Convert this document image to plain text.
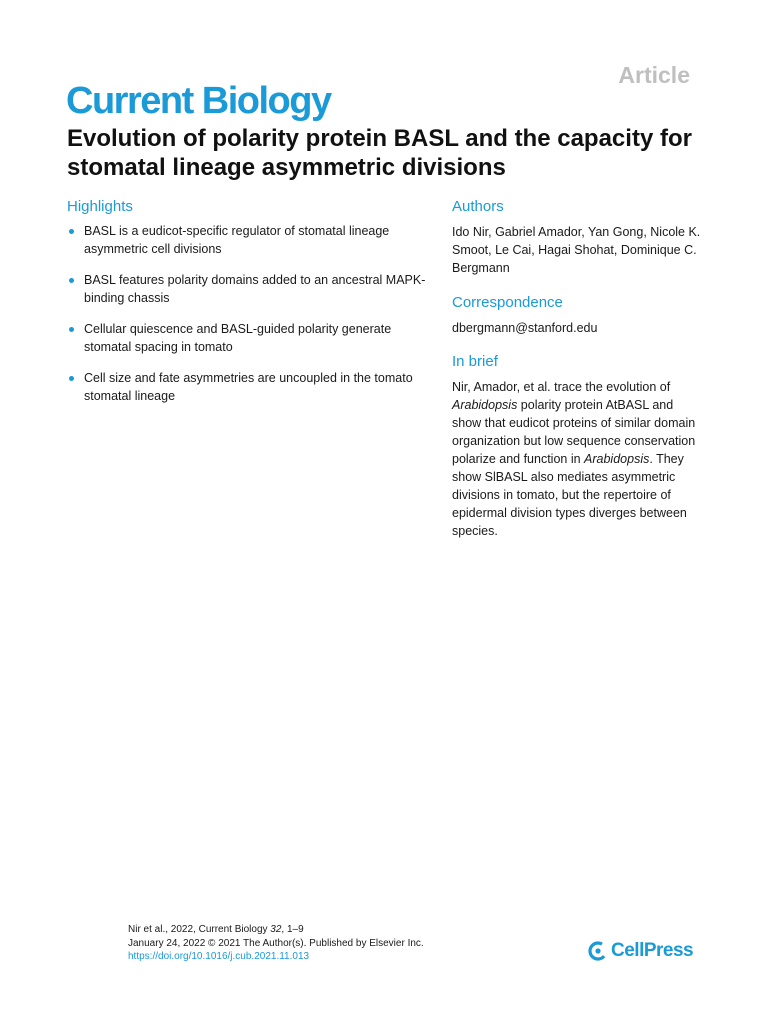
Article
Current Biology
Evolution of polarity protein BASL and the capacity for stomatal lineage asymmetric divisions
Highlights
BASL is a eudicot-specific regulator of stomatal lineage asymmetric cell divisions
BASL features polarity domains added to an ancestral MAPK-binding chassis
Cellular quiescence and BASL-guided polarity generate stomatal spacing in tomato
Cell size and fate asymmetries are uncoupled in the tomato stomatal lineage
Authors

Ido Nir, Gabriel Amador, Yan Gong, Nicole K. Smoot, Le Cai, Hagai Shohat, Dominique C. Bergmann

Correspondence

dbergmann@stanford.edu

In brief

Nir, Amador, et al. trace the evolution of Arabidopsis polarity protein AtBASL and show that eudicot proteins of similar domain organization but low sequence conservation polarize and function in Arabidopsis. They show SlBASL also mediates asymmetric divisions in tomato, but the repertoire of epidermal division types diverges between species.

Nir et al., 2022, Current Biology 32, 1–9
January 24, 2022 © 2021 The Author(s). Published by Elsevier Inc.
https://doi.org/10.1016/j.cub.2021.11.013	CellPress
